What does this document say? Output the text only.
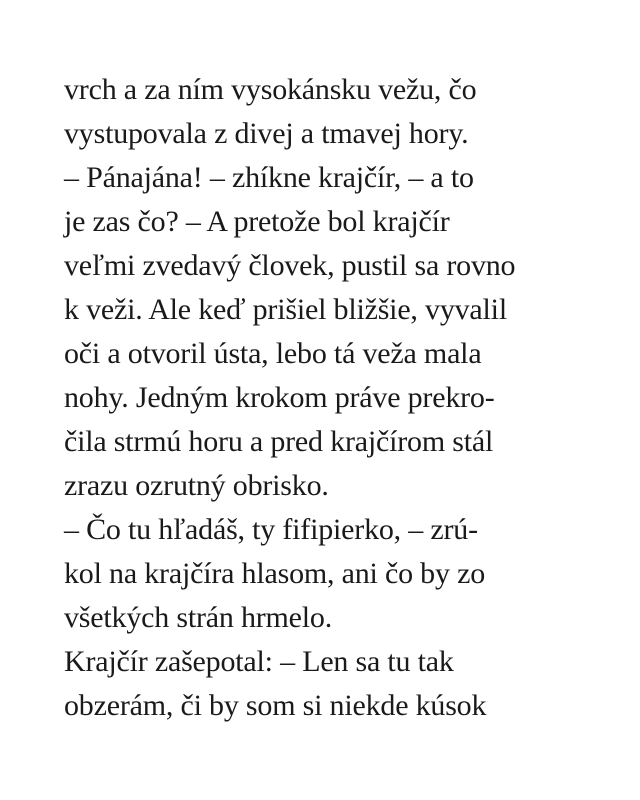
vrch a za ním vysokánsku vežu, čo
vystupovala z divej a tmavej hory.
– Pánajána! – zhíkne krajčír, – a to
je zas čo? – A pretože bol krajčír
veľmi zvedavý človek, pustil sa rovno
k veži. Ale keď prišiel bližšie, vyvalil
oči a otvoril ústa, lebo tá veža mala
nohy. Jedným krokom práve prekro-
čila strmú horu a pred krajčírom stál
zrazu ozrutný obrisko.
– Čo tu hľadáš, ty fifipierko, – zrú-
kol na krajčíra hlasom, ani čo by zo
všetkých strán hrmelo.
Krajčír zašepotal: – Len sa tu tak
obzerám, či by som si niekde kúsok
